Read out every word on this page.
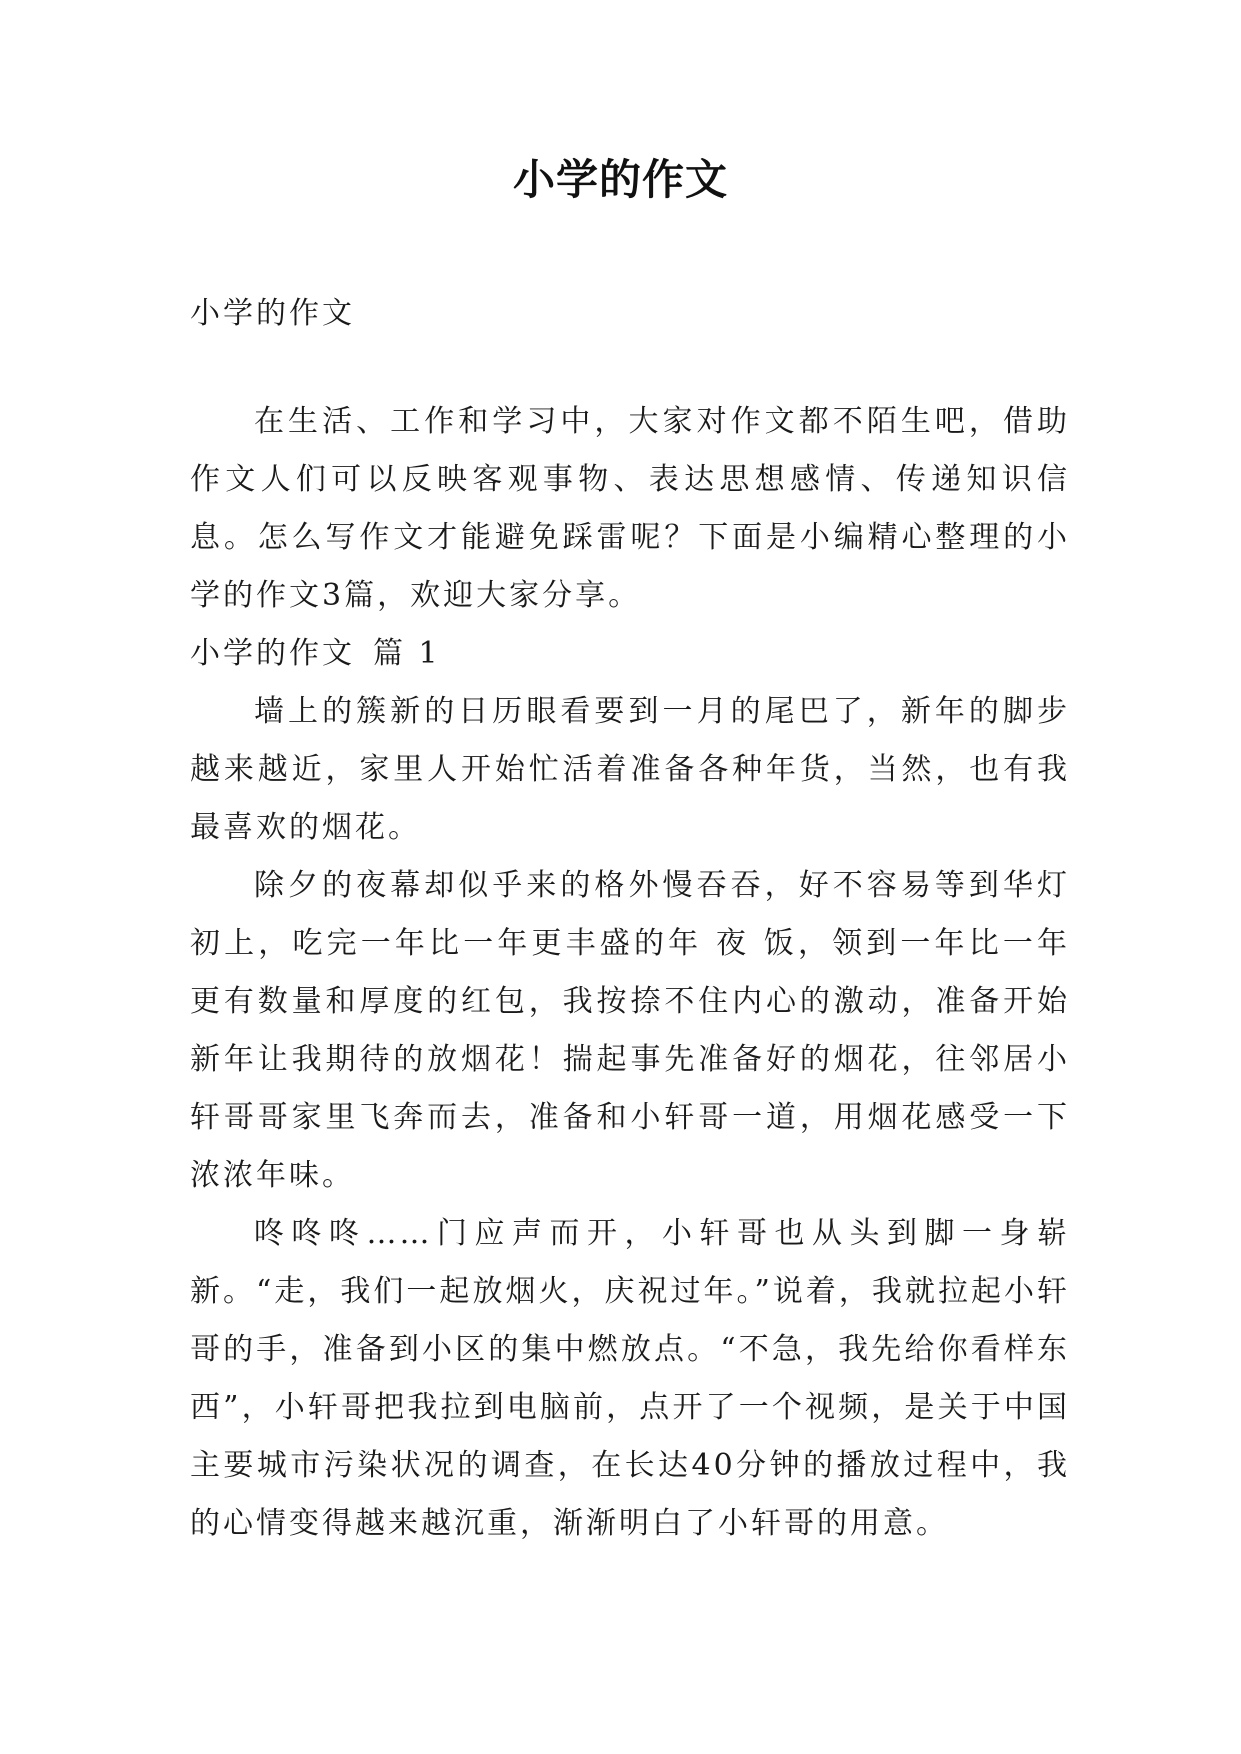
小学的作文
小学的作文

在生活、工作和学习中，大家对作文都不陌生吧，借助作文人们可以反映客观事物、表达思想感情、传递知识信息。怎么写作文才能避免踩雷呢？下面是小编精心整理的小学的作文3篇，欢迎大家分享。

小学的作文 篇 1

墙上的簇新的日历眼看要到一月的尾巴了，新年的脚步越来越近，家里人开始忙活着准备各种年货，当然，也有我最喜欢的烟花。

除夕的夜幕却似乎来的格外慢吞吞，好不容易等到华灯初上，吃完一年比一年更丰盛的年 夜 饭，领到一年比一年更有数量和厚度的红包，我按捺不住内心的激动，准备开始新年让我期待的放烟花！揣起事先准备好的烟花，往邻居小轩哥哥家里飞奔而去，准备和小轩哥一道，用烟花感受一下浓浓年味。

咚咚咚……门应声而开，小轩哥也从头到脚一身崭新。“走，我们一起放烟火，庆祝过年。”说着，我就拉起小轩哥的手，准备到小区的集中燃放点。“不急，我先给你看样东西”，小轩哥把我拉到电脑前，点开了一个视频，是关于中国主要城市污染状况的调查，在长达40分钟的播放过程中，我的心情变得越来越沉重，渐渐明白了小轩哥的用意。
